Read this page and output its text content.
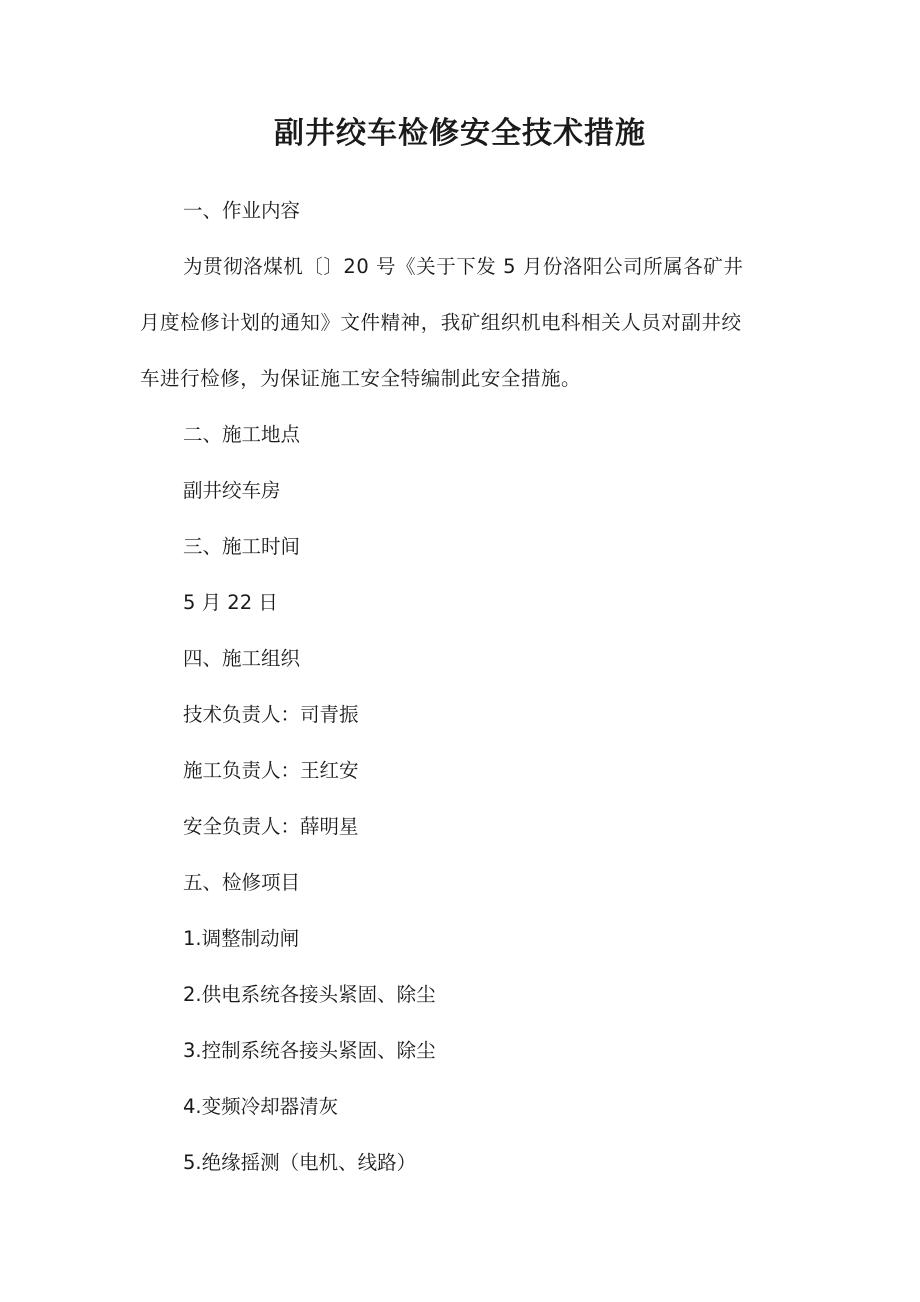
副井绞车检修安全技术措施
一、作业内容
为贯彻洛煤机〔〕20 号《关于下发 5 月份洛阳公司所属各矿井
月度检修计划的通知》文件精神，我矿组织机电科相关人员对副井绞
车进行检修，为保证施工安全特编制此安全措施。
二、施工地点
副井绞车房
三、施工时间
5 月 22 日
四、施工组织
技术负责人：司青振
施工负责人：王红安
安全负责人：薛明星
五、检修项目
1.调整制动闸
2.供电系统各接头紧固、除尘
3.控制系统各接头紧固、除尘
4.变频冷却器清灰
5.绝缘摇测（电机、线路）
